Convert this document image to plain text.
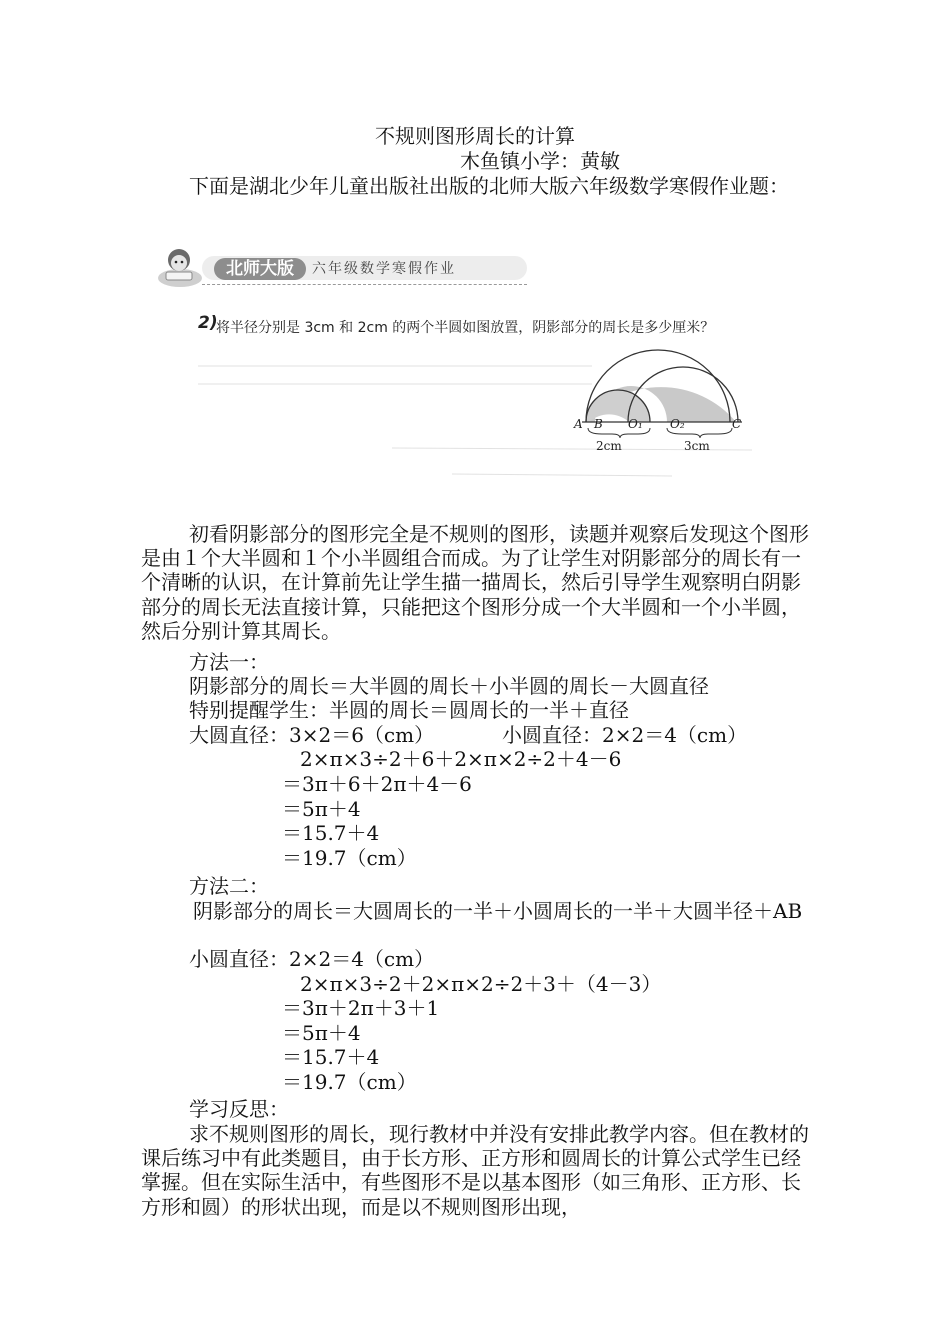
不规则图形周长的计算
木鱼镇小学：黄敏
下面是湖北少年儿童出版社出版的北师大版六年级数学寒假作业题：
北师大版	六年级数学寒假作业
2)
将半径分别是 3cm 和 2cm 的两个半圆如图放置，阴影部分的周长是多少厘米？
A B O₁ O₂	C
2cm	3cm
初看阴影部分的图形完全是不规则的图形，读题并观察后发现这个图形是由１个大半圆和１个小半圆组合而成。为了让学生对阴影部分的周长有一个清晰的认识，在计算前先让学生描一描周长，然后引导学生观察明白阴影部分的周长无法直接计算，只能把这个图形分成一个大半圆和一个小半圆，然后分别计算其周长。
方法一：
阴影部分的周长＝大半圆的周长＋小半圆的周长－大圆直径
特别提醒学生：半圆的周长＝圆周长的一半＋直径
大圆直径：3×2＝6（cm）	小圆直径：2×2＝4（cm）
2×π×3÷2＋6＋2×π×2÷2＋4－6
＝3π＋6＋2π＋4－6
＝5π＋4
＝15.7＋4
＝19.7（cm）
方法二：
阴影部分的周长＝大圆周长的一半＋小圆周长的一半＋大圆半径＋AB
小圆直径：2×2＝4（cm）
2×π×3÷2＋2×π×2÷2＋3＋（4－3）
＝3π＋2π＋3＋1
＝5π＋4
＝15.7＋4
＝19.7（cm）
学习反思：
求不规则图形的周长，现行教材中并没有安排此教学内容。但在教材的课后练习中有此类题目，由于长方形、正方形和圆周长的计算公式学生已经掌握。但在实际生活中，有些图形不是以基本图形（如三角形、正方形、长方形和圆）的形状出现，而是以不规则图形出现，
